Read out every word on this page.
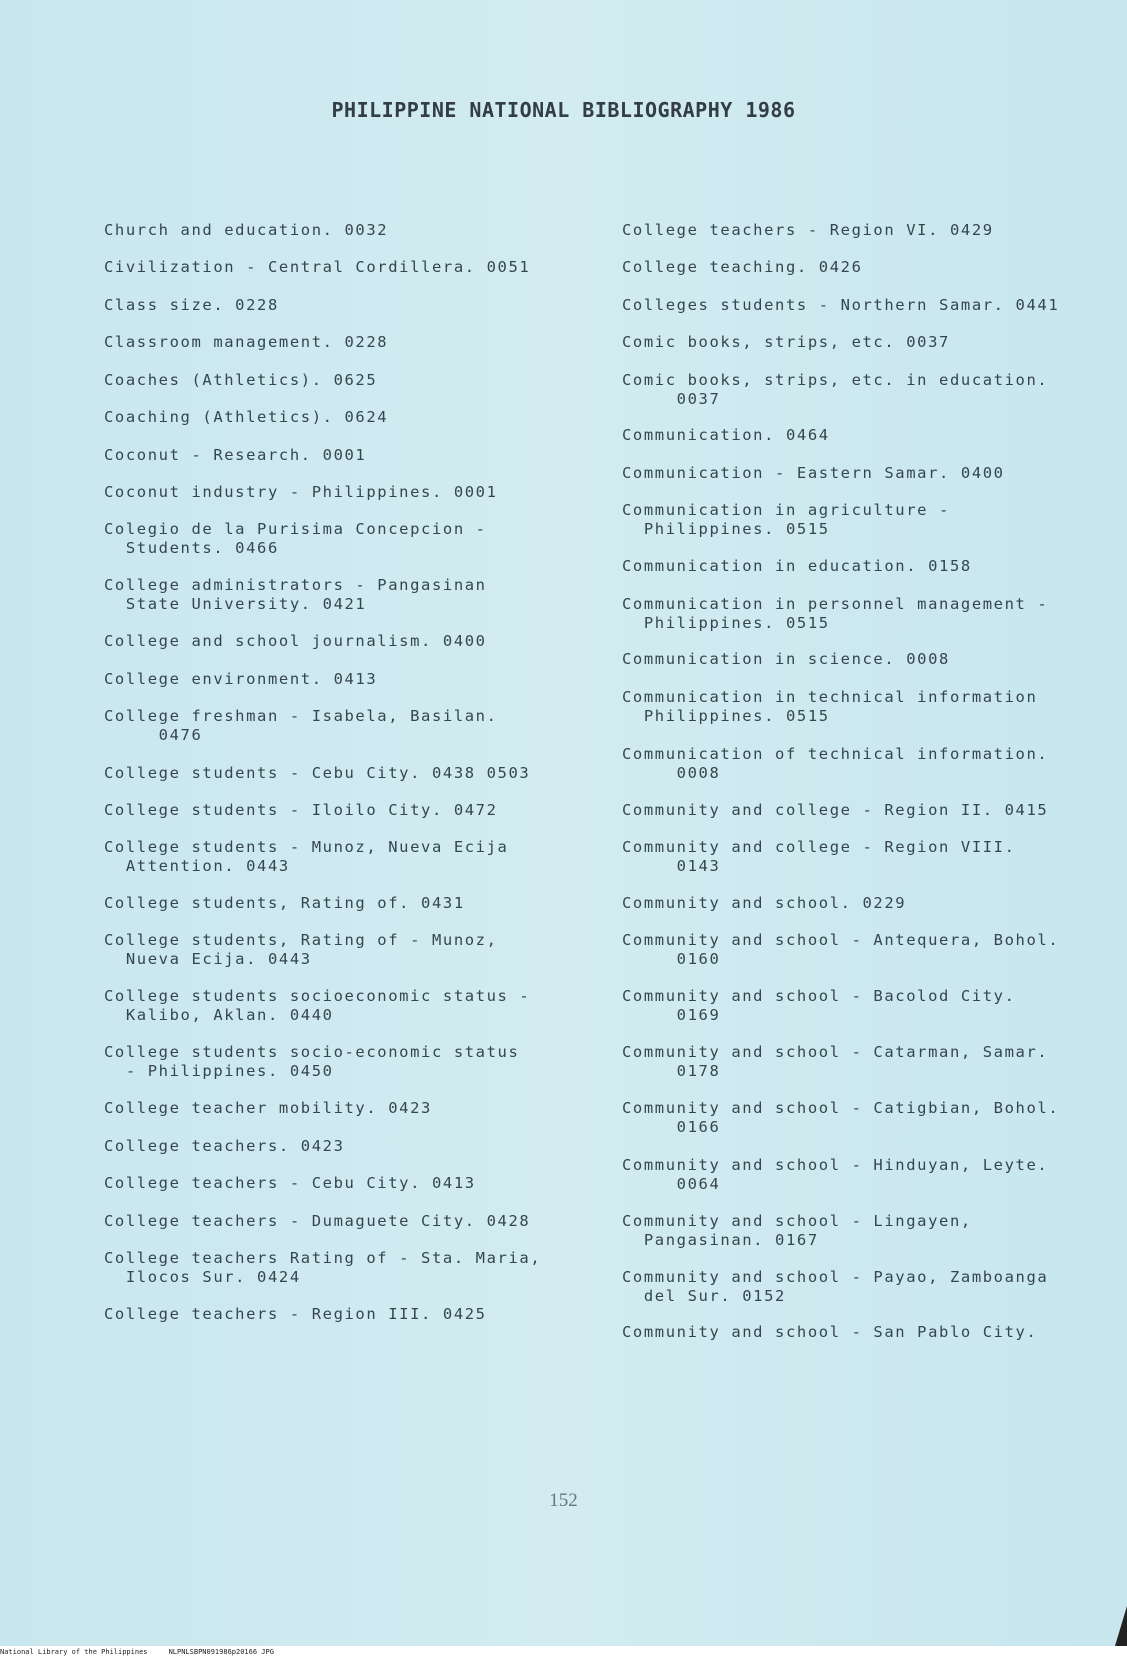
PHILIPPINE NATIONAL BIBLIOGRAPHY 1986
Church and education. 0032
Civilization - Central Cordillera. 0051
Class size. 0228
Classroom management. 0228
Coaches (Athletics). 0625
Coaching (Athletics). 0624
Coconut - Research. 0001
Coconut industry - Philippines. 0001
Colegio de la Purisima Concepcion -
Students. 0466
College administrators - Pangasinan
State University. 0421
College and school journalism. 0400
College environment. 0413
College freshman - Isabela, Basilan.
0476
College students - Cebu City. 0438 0503
College students - Iloilo City. 0472
College students - Munoz, Nueva Ecija
Attention. 0443
College students, Rating of. 0431
College students, Rating of - Munoz,
Nueva Ecija. 0443
College students socioeconomic status -
Kalibo, Aklan. 0440
College students socio-economic status
- Philippines. 0450
College teacher mobility. 0423
College teachers. 0423
College teachers - Cebu City. 0413
College teachers - Dumaguete City. 0428
College teachers Rating of - Sta. Maria,
Ilocos Sur. 0424
College teachers - Region III. 0425
College teachers - Region VI. 0429
College teaching. 0426
Colleges students - Northern Samar. 0441
Comic books, strips, etc. 0037
Comic books, strips, etc. in education.
0037
Communication. 0464
Communication - Eastern Samar. 0400
Communication in agriculture -
Philippines. 0515
Communication in education. 0158
Communication in personnel management -
Philippines. 0515
Communication in science. 0008
Communication in technical information
Philippines. 0515
Communication of technical information.
0008
Community and college - Region II. 0415
Community and college - Region VIII.
0143
Community and school. 0229
Community and school - Antequera, Bohol.
0160
Community and school - Bacolod City.
0169
Community and school - Catarman, Samar.
0178
Community and school - Catigbian, Bohol.
0166
Community and school - Hinduyan, Leyte.
0064
Community and school - Lingayen,
Pangasinan. 0167
Community and school - Payao, Zamboanga
del Sur. 0152
Community and school - San Pablo City.
152
National Library of the Philippines     NLPNLSBPN091986p20166 JPG
